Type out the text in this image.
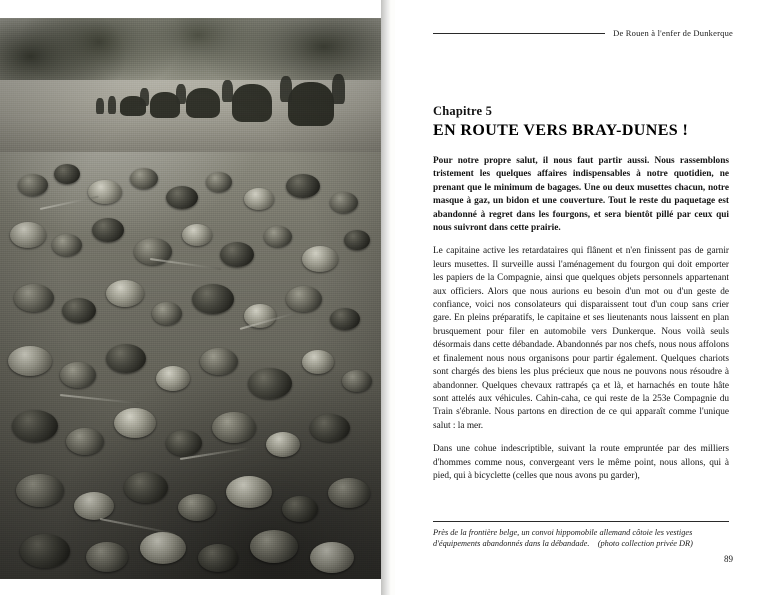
De Rouen à l'enfer de Dunkerque

Chapitre 5

EN ROUTE VERS BRAY-DUNES !

Pour notre propre salut, il nous faut partir aussi. Nous rassemblons tristement les quelques affaires indispensables à notre quotidien, ne prenant que le minimum de bagages. Une ou deux musettes chacun, notre masque à gaz, un bidon et une couverture. Tout le reste du paquetage est abandonné à regret dans les fourgons, et sera bientôt pillé par ceux qui nous suivront dans cette prairie.

Le capitaine active les retardataires qui flânent et n'en finissent pas de garnir leurs musettes. Il surveille aussi l'aménagement du fourgon qui doit emporter les papiers de la Compagnie, ainsi que quelques objets personnels appartenant aux officiers. Alors que nous aurions eu besoin d'un mot ou d'un geste de confiance, voici nos consolateurs qui disparaissent tout d'un coup sans crier gare. En pleins préparatifs, le capitaine et ses lieutenants nous laissent en plan brusquement pour filer en automobile vers Dunkerque. Nous voilà seuls désormais dans cette débandade. Abandonnés par nos chefs, nous nous affolons et finalement nous nous organisons pour partir également. Quelques chariots sont chargés des biens les plus précieux que nous ne pouvons nous résoudre à abandonner. Quelques chevaux rattrapés ça et là, et harnachés en toute hâte sont attelés aux véhicules. Cahin-caha, ce qui reste de la 253e Compagnie du Train s'ébranle. Nous partons en direction de ce qui apparaît comme l'unique salut : la mer.

Dans une cohue indescriptible, suivant la route empruntée par des milliers d'hommes comme nous, convergeant vers le même point, nous allons, qui à pied, qui à bicyclette (celles que nous avons pu garder),

Près de la frontière belge, un convoi hippomobile allemand côtoie les vestiges d'équipements abandonnés dans la débandade. (photo collection privée DR)
89
